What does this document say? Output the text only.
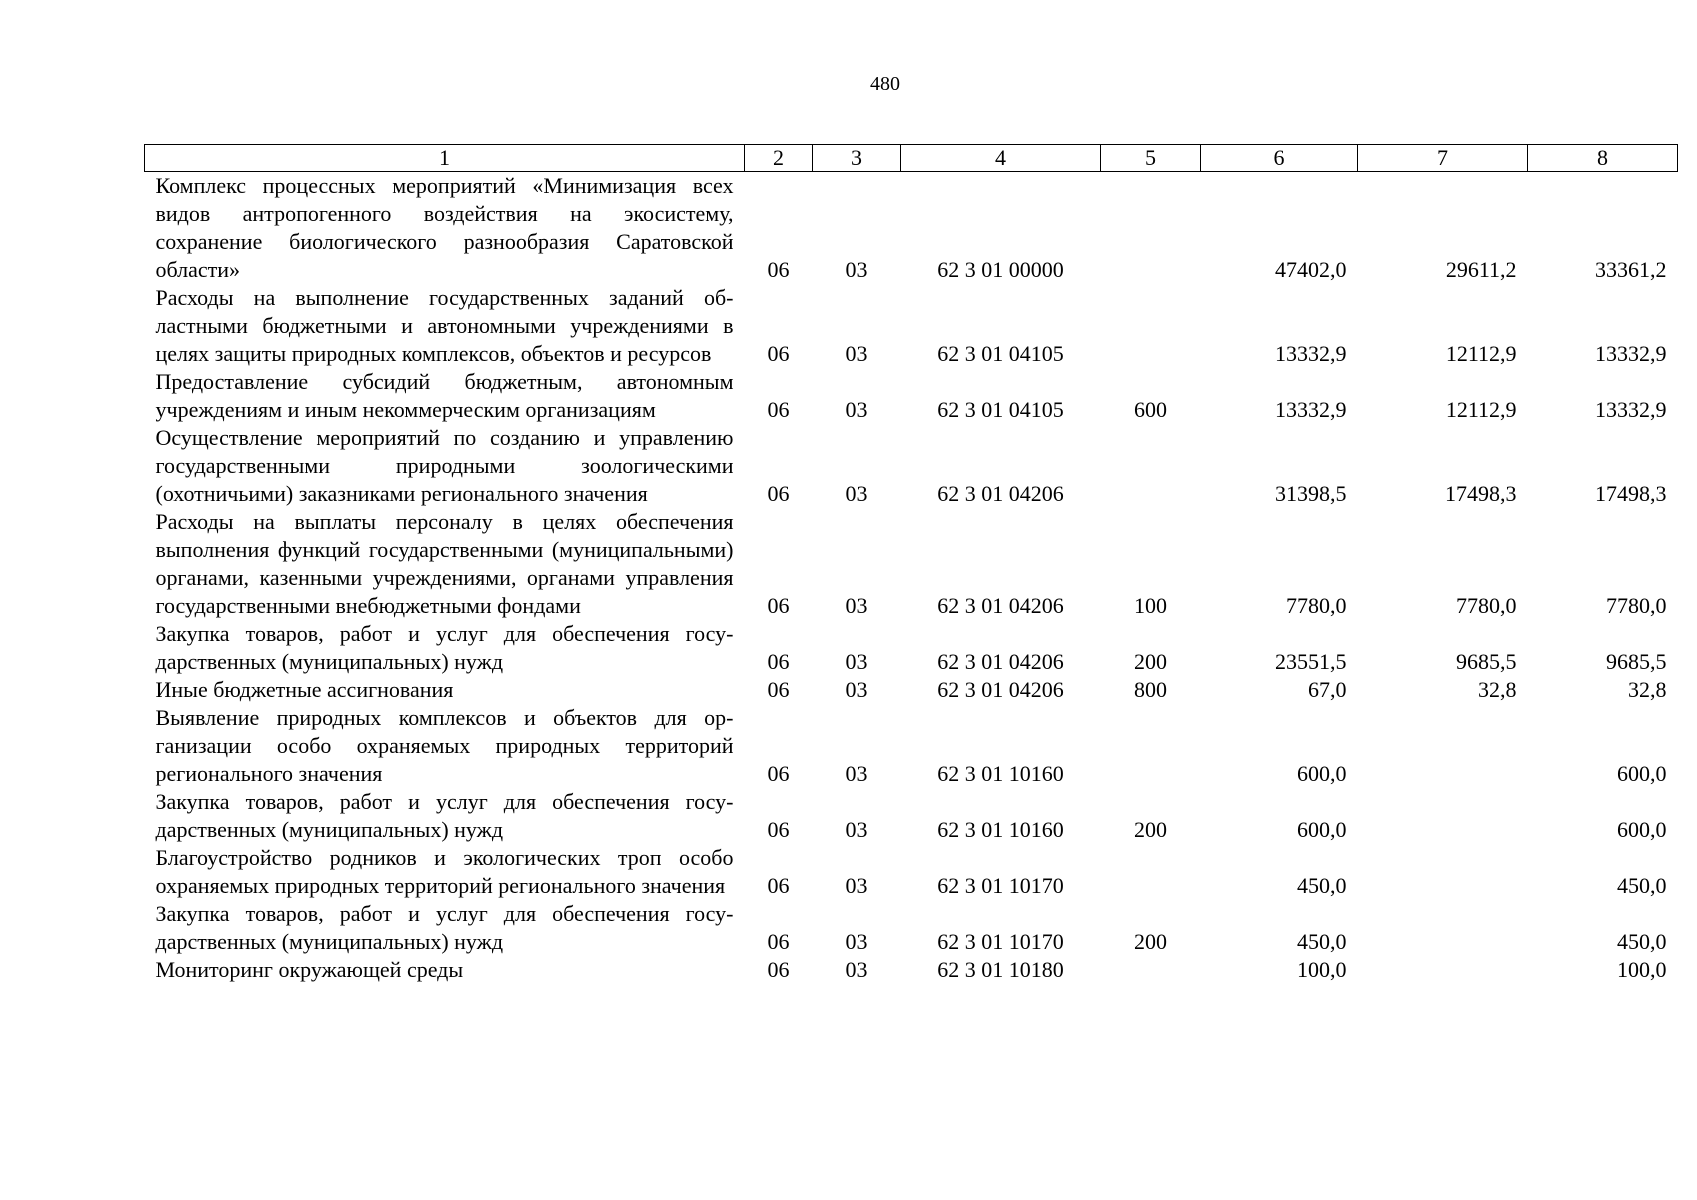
480
1	2	3	4	5	6	7	8
Комплекс процессных мероприятий «Минимизация всех видов антропогенного воздействия на экосистему, сохранение биологического разнообразия Саратовской области»	06	03	62 3 01 00000		47402,0	29611,2	33361,2
Расходы на выполнение государственных заданий областными бюджетными и автономными учреждениями в целях защиты природных комплексов, объектов и ресурсов	06	03	62 3 01 04105		13332,9	12112,9	13332,9
Предоставление субсидий бюджетным, автономным учреждениям и иным некоммерческим организациям	06	03	62 3 01 04105	600	13332,9	12112,9	13332,9
Осуществление мероприятий по созданию и управлению государственными природными зоологическими (охотничьими) заказниками регионального значения	06	03	62 3 01 04206		31398,5	17498,3	17498,3
Расходы на выплаты персоналу в целях обеспечения выполнения функций государственными (муниципальными) органами, казенными учреждениями, органами управления государственными внебюджетными фондами	06	03	62 3 01 04206	100	7780,0	7780,0	7780,0
Закупка товаров, работ и услуг для обеспечения государственных (муниципальных) нужд	06	03	62 3 01 04206	200	23551,5	9685,5	9685,5
Иные бюджетные ассигнования	06	03	62 3 01 04206	800	67,0	32,8	32,8
Выявление природных комплексов и объектов для организации особо охраняемых природных территорий регионального значения	06	03	62 3 01 10160		600,0		600,0
Закупка товаров, работ и услуг для обеспечения государственных (муниципальных) нужд	06	03	62 3 01 10160	200	600,0		600,0
Благоустройство родников и экологических троп особо охраняемых природных территорий регионального значения	06	03	62 3 01 10170		450,0		450,0
Закупка товаров, работ и услуг для обеспечения государственных (муниципальных) нужд	06	03	62 3 01 10170	200	450,0		450,0
Мониторинг окружающей среды	06	03	62 3 01 10180		100,0		100,0
